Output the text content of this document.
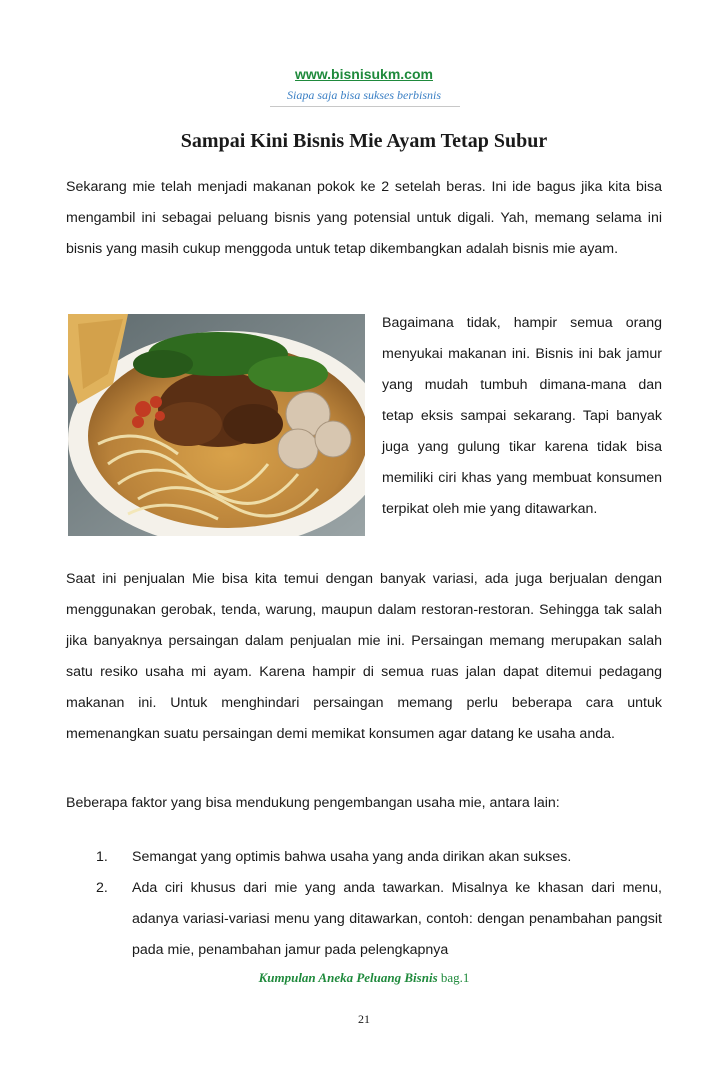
www.bisnisukm.com
Siapa saja bisa sukses berbisnis
Sampai Kini Bisnis Mie Ayam Tetap Subur

Sekarang mie telah menjadi makanan pokok ke 2 setelah beras. Ini ide bagus jika kita bisa mengambil ini sebagai peluang bisnis yang potensial untuk digali. Yah, memang selama ini bisnis yang masih cukup menggoda untuk tetap dikembangkan adalah bisnis mie ayam.

Bagaimana tidak, hampir semua orang menyukai makanan ini. Bisnis ini bak jamur yang mudah tumbuh dimana-mana dan tetap eksis sampai sekarang. Tapi banyak juga yang gulung tikar karena tidak bisa memiliki ciri khas yang membuat konsumen terpikat oleh mie yang ditawarkan.

Saat ini penjualan Mie bisa kita temui dengan banyak variasi, ada juga berjualan dengan menggunakan gerobak, tenda, warung, maupun dalam restoran-restoran. Sehingga tak salah jika banyaknya persaingan dalam penjualan mie ini. Persaingan memang merupakan salah satu resiko usaha mi ayam. Karena hampir di semua ruas jalan dapat ditemui pedagang makanan ini. Untuk menghindari persaingan memang perlu beberapa cara untuk memenangkan suatu persaingan demi memikat konsumen agar datang ke usaha anda.

Beberapa faktor yang bisa mendukung pengembangan usaha mie, antara lain:

1. Semangat yang optimis bahwa usaha yang anda dirikan akan sukses.
2. Ada ciri khusus dari mie yang anda tawarkan. Misalnya ke khasan dari menu, adanya variasi-variasi menu yang ditawarkan, contoh: dengan penambahan pangsit pada mie, penambahan jamur pada pelengkapnya
Kumpulan Aneka Peluang Bisnis bag.1
21
